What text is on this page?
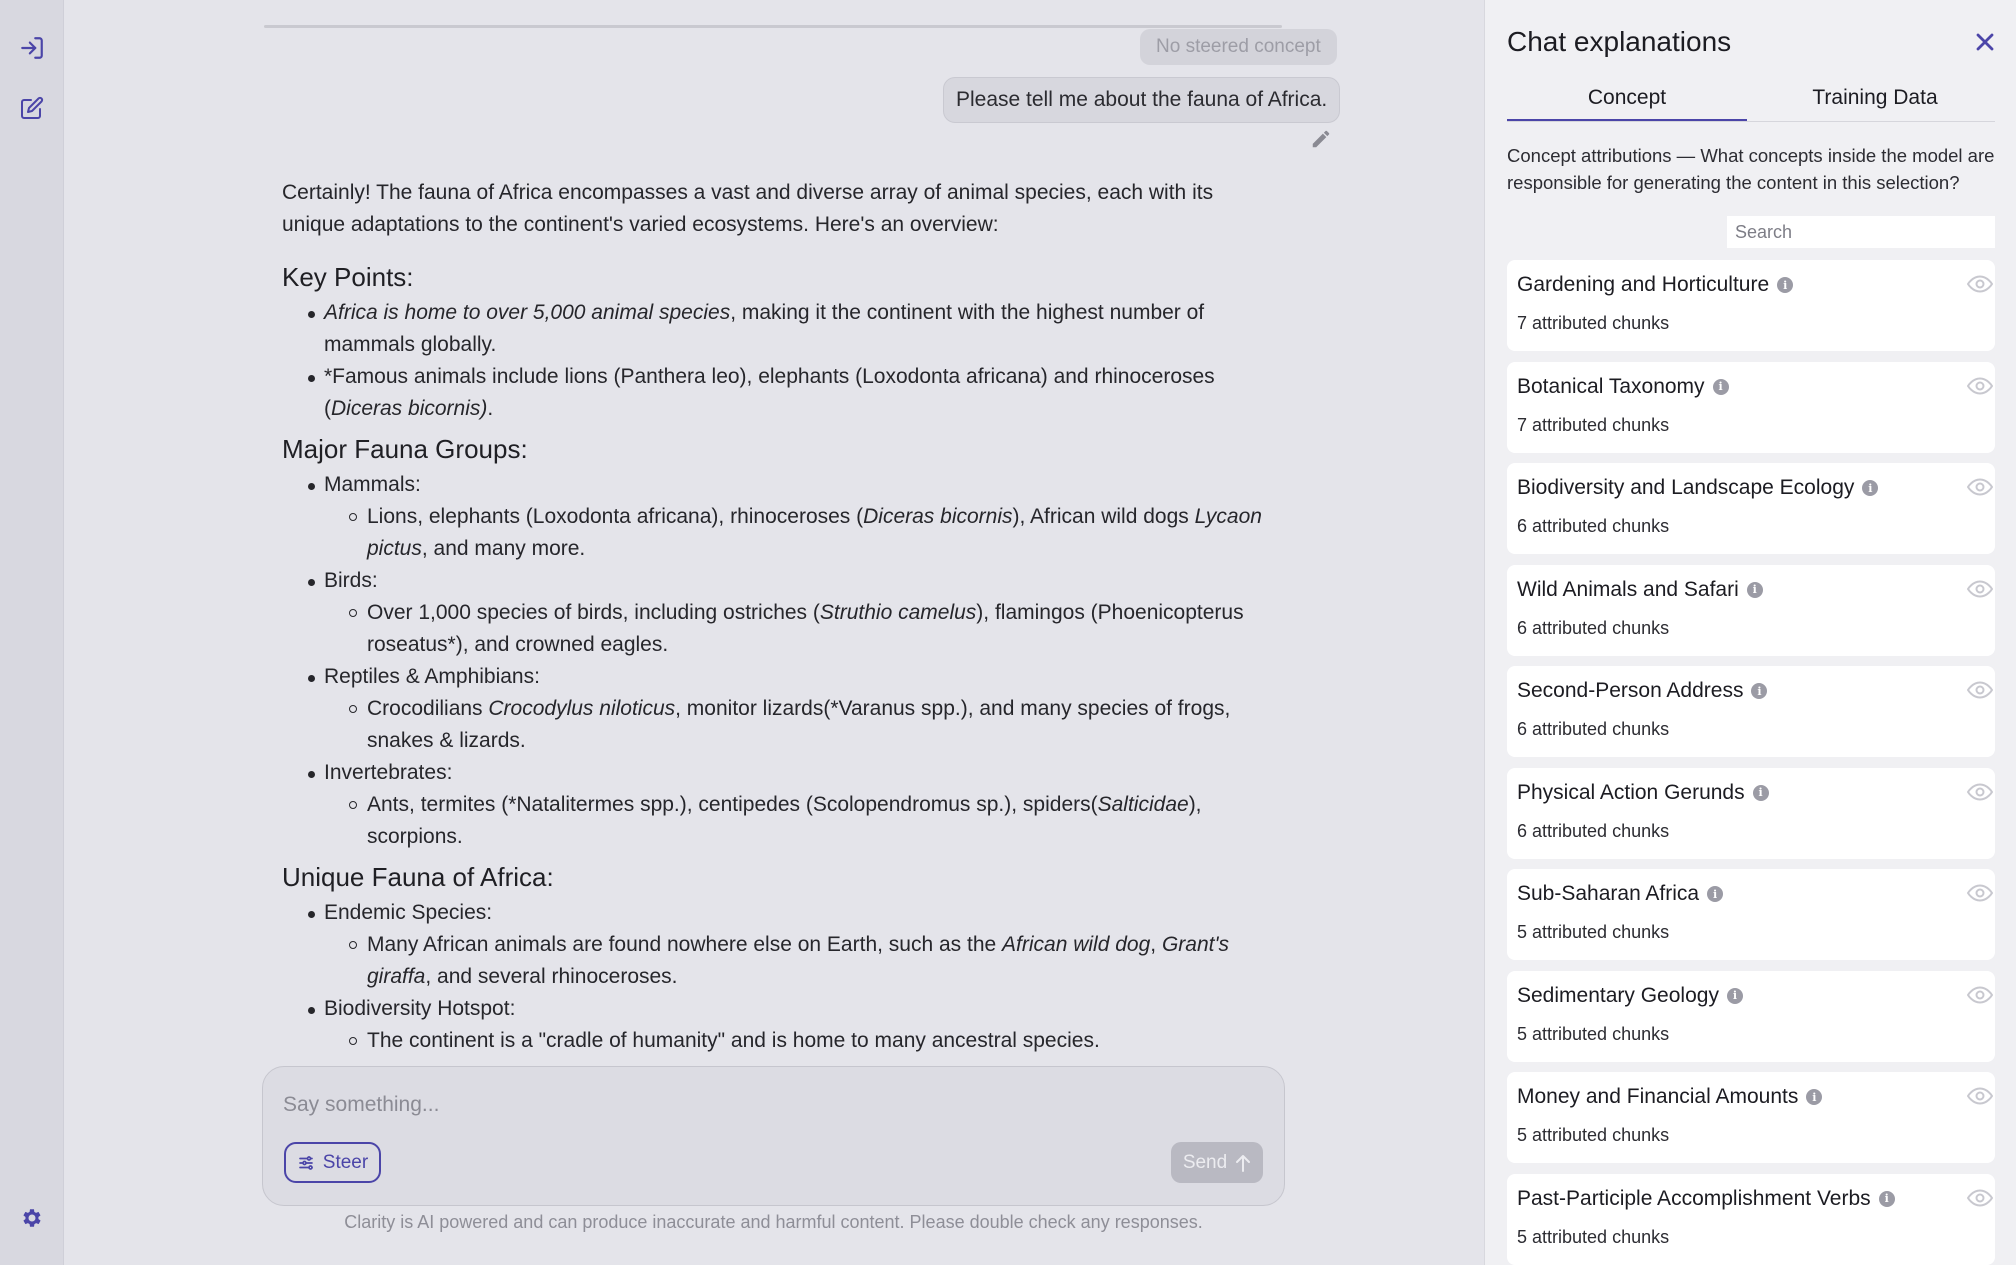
No steered concept
Please tell me about the fauna of Africa.

Certainly! The fauna of Africa encompasses a vast and diverse array of animal species, each with its unique adaptations to the continent's varied ecosystems. Here's an overview:

Key Points:
Africa is home to over 5,000 animal species, making it the continent with the highest number of mammals globally.
*Famous animals include lions (Panthera leo), elephants (Loxodonta africana) and rhinoceroses (Diceras bicornis).
Major Fauna Groups:
Mammals:
Lions, elephants (Loxodonta africana), rhinoceroses (Diceras bicornis), African wild dogs Lycaon pictus, and many more.
Birds:
Over 1,000 species of birds, including ostriches (Struthio camelus), flamingos (Phoenicopterus roseatus*), and crowned eagles.
Reptiles & Amphibians:
Crocodilians Crocodylus niloticus, monitor lizards(*Varanus spp.), and many species of frogs, snakes & lizards.
Invertebrates:
Ants, termites (*Natalitermes spp.), centipedes (Scolopendromus sp.), spiders(Salticidae), scorpions.
Unique Fauna of Africa:
Endemic Species:
Many African animals are found nowhere else on Earth, such as the African wild dog, Grant's giraffa, and several rhinoceroses.
Biodiversity Hotspot:
The continent is a "cradle of humanity" and is home to many ancestral species.
Say something...
Steer	Send
Clarity is AI powered and can produce inaccurate and harmful content. Please double check any responses.
Chat explanations
Concept	Training Data
Concept attributions — What concepts inside the model are responsible for generating the content in this selection?
Search
Gardening and Horticulture	i
7 attributed chunks
Botanical Taxonomy	i
7 attributed chunks
Biodiversity and Landscape Ecology	i
6 attributed chunks
Wild Animals and Safari	i
6 attributed chunks
Second-Person Address	i
6 attributed chunks
Physical Action Gerunds	i
6 attributed chunks
Sub-Saharan Africa	i
5 attributed chunks
Sedimentary Geology	i
5 attributed chunks
Money and Financial Amounts	i
5 attributed chunks
Past-Participle Accomplishment Verbs	i
5 attributed chunks
